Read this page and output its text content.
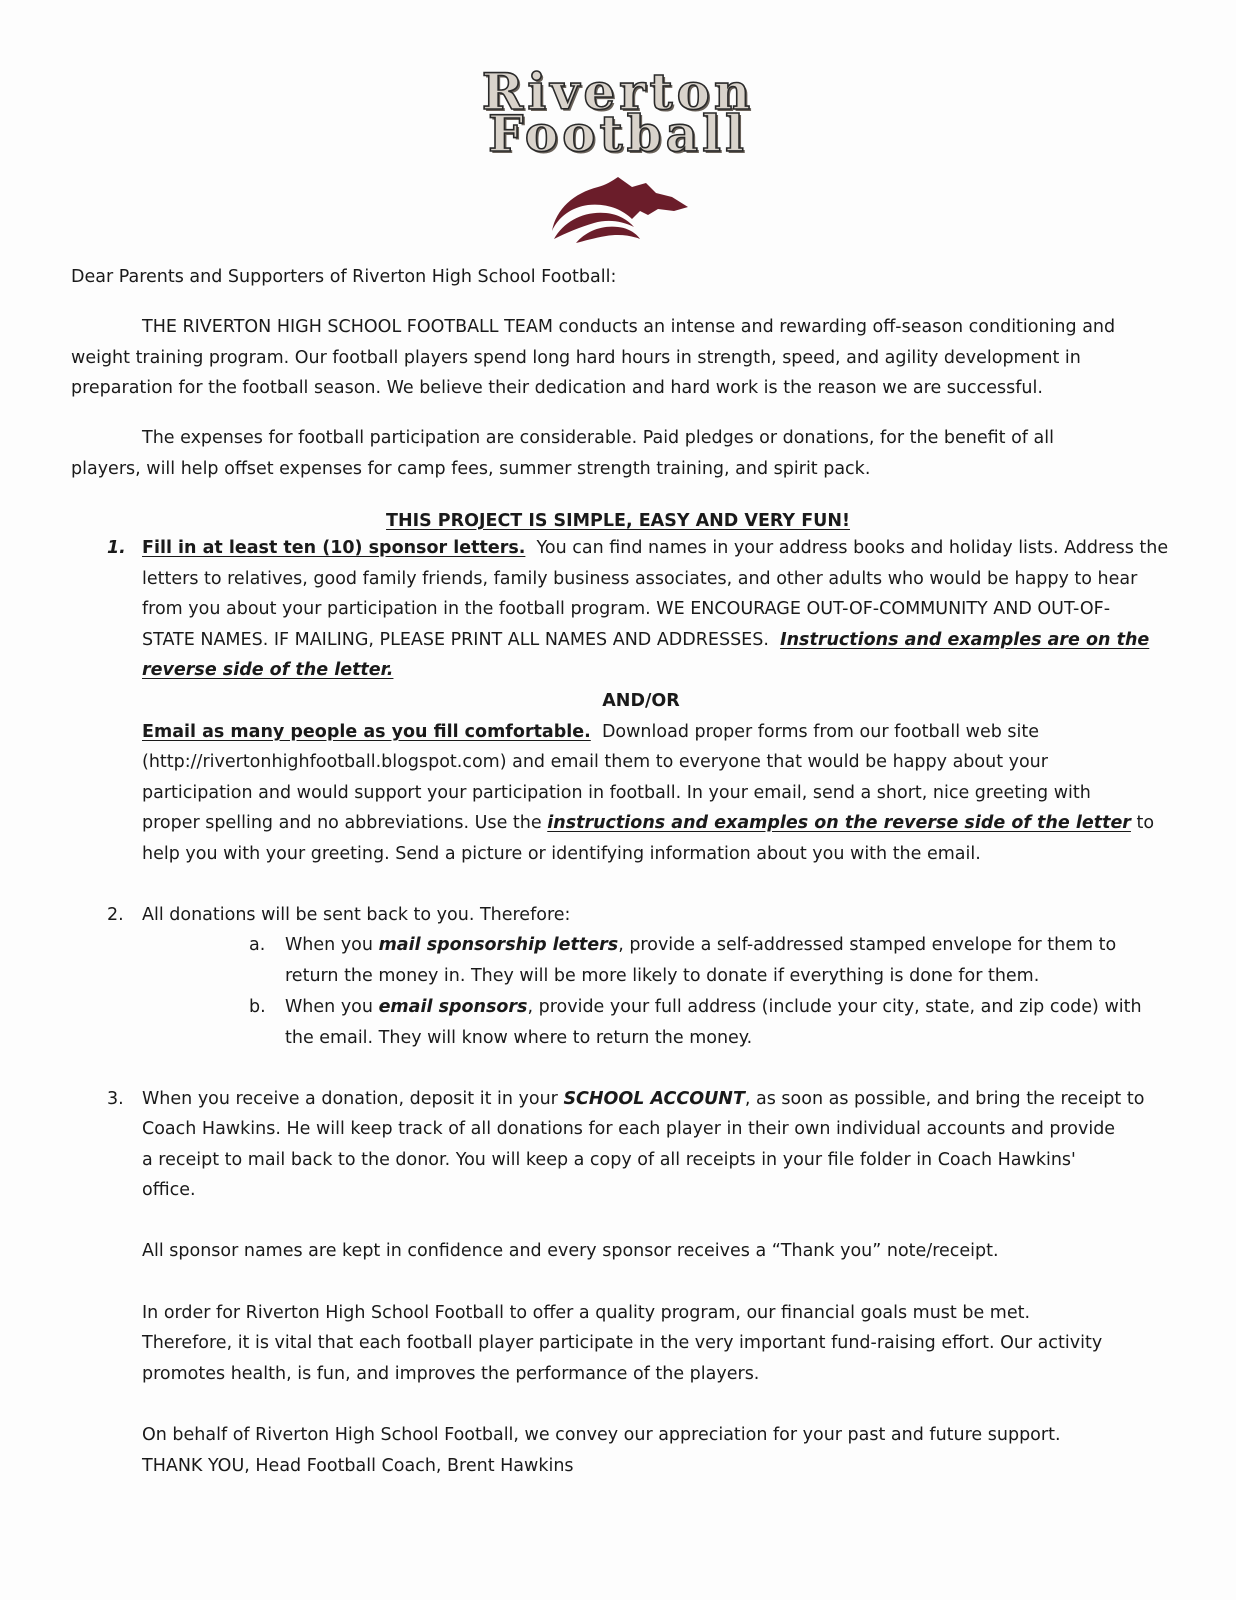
Riverton
Football

Dear Parents and Supporters of Riverton High School Football:

THE RIVERTON HIGH SCHOOL FOOTBALL TEAM conducts an intense and rewarding off-season conditioning and

weight training program. Our football players spend long hard hours in strength, speed, and agility development in

preparation for the football season. We believe their dedication and hard work is the reason we are successful.

The expenses for football participation are considerable. Paid pledges or donations, for the benefit of all

players, will help offset expenses for camp fees, summer strength training, and spirit pack.

THIS PROJECT IS SIMPLE, EASY AND VERY FUN!

1. Fill in at least ten (10) sponsor letters. You can find names in your address books and holiday lists. Address the

letters to relatives, good family friends, family business associates, and other adults who would be happy to hear

from you about your participation in the football program. WE ENCOURAGE OUT-OF-COMMUNITY AND OUT-OF-

STATE NAMES. IF MAILING, PLEASE PRINT ALL NAMES AND ADDRESSES. Instructions and examples are on the

reverse side of the letter.

AND/OR

Email as many people as you fill comfortable. Download proper forms from our football web site

(http://rivertonhighfootball.blogspot.com) and email them to everyone that would be happy about your

participation and would support your participation in football. In your email, send a short, nice greeting with

proper spelling and no abbreviations. Use the instructions and examples on the reverse side of the letter to

help you with your greeting. Send a picture or identifying information about you with the email.

2. All donations will be sent back to you. Therefore:

a. When you mail sponsorship letters, provide a self-addressed stamped envelope for them to

return the money in. They will be more likely to donate if everything is done for them.

b. When you email sponsors, provide your full address (include your city, state, and zip code) with

the email. They will know where to return the money.

3. When you receive a donation, deposit it in your SCHOOL ACCOUNT, as soon as possible, and bring the receipt to

Coach Hawkins. He will keep track of all donations for each player in their own individual accounts and provide

a receipt to mail back to the donor. You will keep a copy of all receipts in your file folder in Coach Hawkins'

office.

All sponsor names are kept in confidence and every sponsor receives a “Thank you” note/receipt.

In order for Riverton High School Football to offer a quality program, our financial goals must be met.

Therefore, it is vital that each football player participate in the very important fund-raising effort. Our activity

promotes health, is fun, and improves the performance of the players.

On behalf of Riverton High School Football, we convey our appreciation for your past and future support.

THANK YOU, Head Football Coach, Brent Hawkins
